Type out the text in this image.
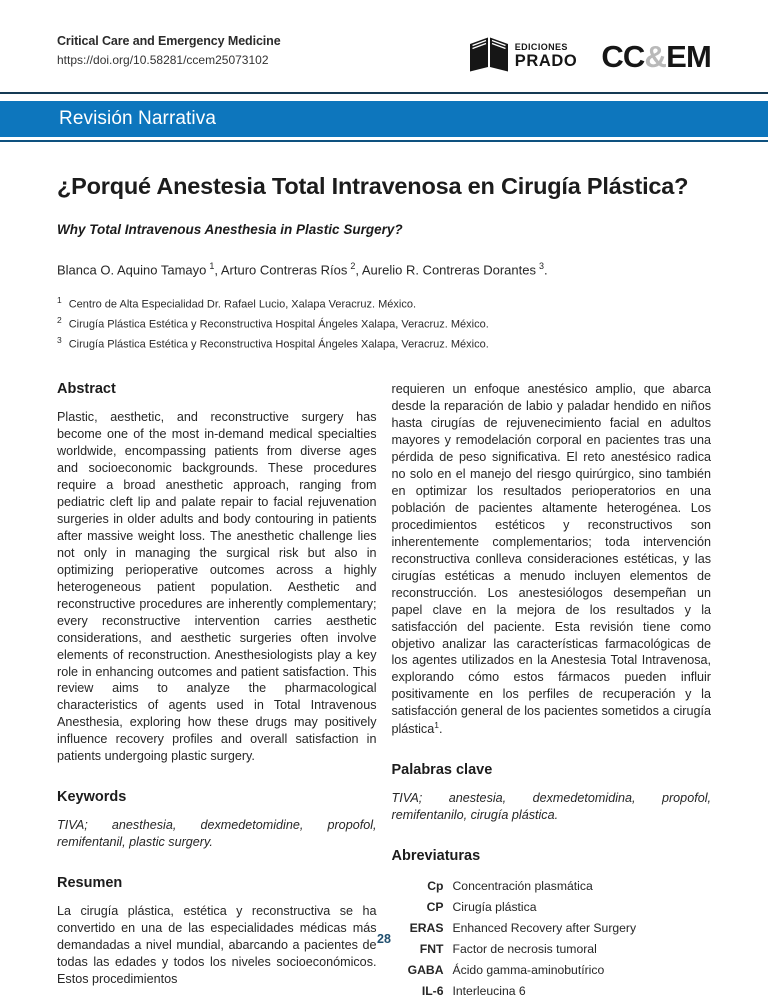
Critical Care and Emergency Medicine
https://doi.org/10.58281/ccem25073102
EDICIONES
PRADO CC&EM
Revisión Narrativa
¿Porqué Anestesia Total Intravenosa en Cirugía Plástica?
Why Total Intravenous Anesthesia in Plastic Surgery?
Blanca O. Aquino Tamayo $^1$, Arturo Contreras Ríos $^2$, Aurelio R. Contreras Dorantes $^3$.
$^1$ Centro de Alta Especialidad Dr. Rafael Lucio, Xalapa Veracruz. México.
$^2$ Cirugía Plástica Estética y Reconstructiva Hospital Ángeles Xalapa, Veracruz. México.
$^3$ Cirugía Plástica Estética y Reconstructiva Hospital Ángeles Xalapa, Veracruz. México.
Abstract

Plastic, aesthetic, and reconstructive surgery has become one of the most in-demand medical specialties worldwide, encompassing patients from diverse ages and socioeconomic backgrounds. These procedures require a broad anesthetic approach, ranging from pediatric cleft lip and palate repair to facial rejuvenation surgeries in older adults and body contouring in patients after massive weight loss. The anesthetic challenge lies not only in managing the surgical risk but also in optimizing perioperative outcomes across a highly heterogeneous patient population. Aesthetic and reconstructive procedures are inherently complementary; every reconstructive intervention carries aesthetic considerations, and aesthetic surgeries often involve elements of reconstruction. Anesthesiologists play a key role in enhancing outcomes and patient satisfaction. This review aims to analyze the pharmacological characteristics of agents used in Total Intravenous Anesthesia, exploring how these drugs may positively influence recovery profiles and overall satisfaction in patients undergoing plastic surgery.

Keywords

TIVA; anesthesia, dexmedetomidine, propofol, remifentanil, plastic surgery.

Resumen

La cirugía plástica, estética y reconstructiva se ha convertido en una de las especialidades médicas más demandadas a nivel mundial, abarcando a pacientes de todas las edades y todos los niveles socioeconómicos. Estos procedimientos

requieren un enfoque anestésico amplio, que abarca desde la reparación de labio y paladar hendido en niños hasta cirugías de rejuvenecimiento facial en adultos mayores y remodelación corporal en pacientes tras una pérdida de peso significativa. El reto anestésico radica no solo en el manejo del riesgo quirúrgico, sino también en optimizar los resultados perioperatorios en una población de pacientes altamente heterogénea. Los procedimientos estéticos y reconstructivos son inherentemente complementarios; toda intervención reconstructiva conlleva consideraciones estéticas, y las cirugías estéticas a menudo incluyen elementos de reconstrucción. Los anestesiólogos desempeñan un papel clave en la mejora de los resultados y la satisfacción del paciente. Esta revisión tiene como objetivo analizar las características farmacológicas de los agentes utilizados en la Anestesia Total Intravenosa, explorando cómo estos fármacos pueden influir positivamente en los perfiles de recuperación y la satisfacción general de los pacientes sometidos a cirugía plástica$^1$.

Palabras clave

TIVA; anestesia, dexmedetomidina, propofol, remifentanilo, cirugía plástica.

Abreviaturas
Cp Concentración plasmática
CP Cirugía plástica
ERAS Enhanced Recovery after Surgery
FNT Factor de necrosis tumoral
GABA Ácido gamma-aminobutírico
IL-6 Interleucina 6
28
